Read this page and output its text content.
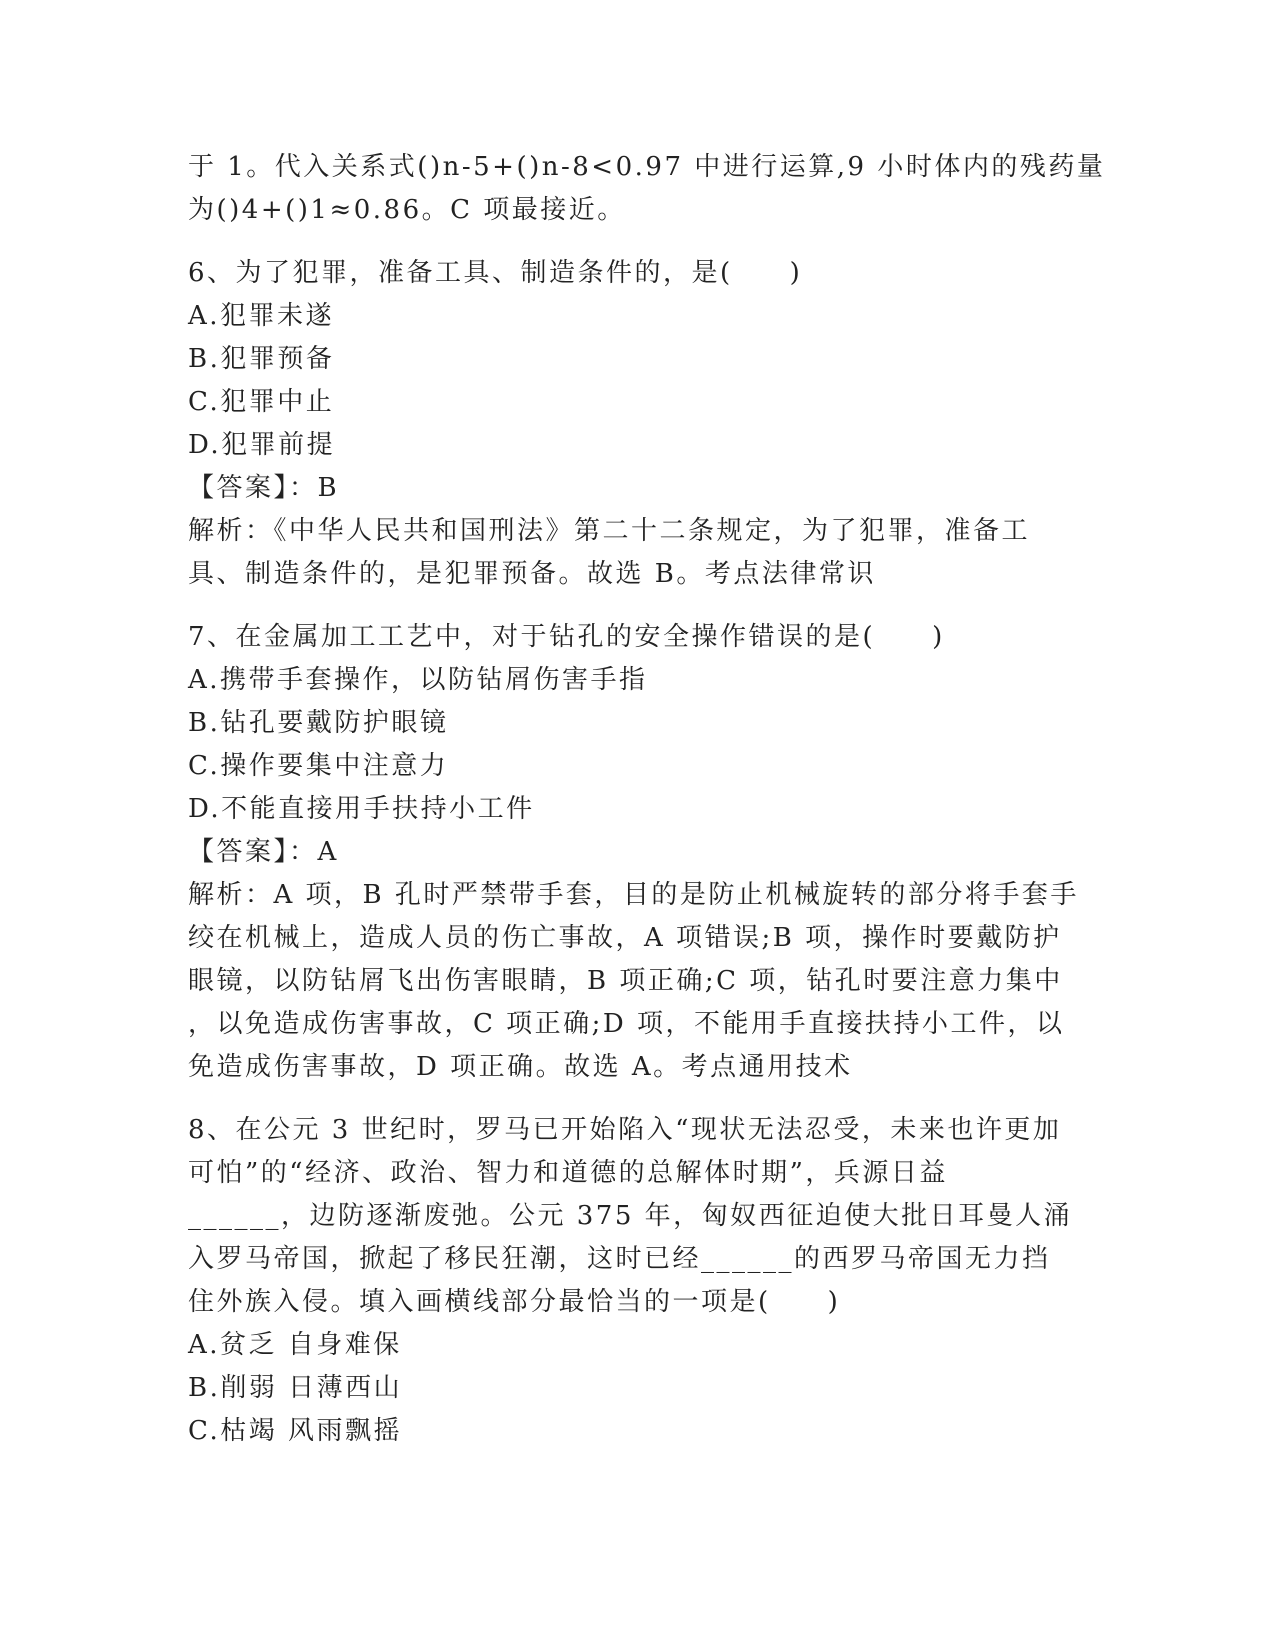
于 1。代入关系式()n-5+()n-8<0.97 中进行运算,9 小时体内的残药量
为()4+()1≈0.86。C 项最接近。
6、为了犯罪，准备工具、制造条件的，是(　　)
A.犯罪未遂
B.犯罪预备
C.犯罪中止
D.犯罪前提
【答案】：B
解析：《中华人民共和国刑法》第二十二条规定，为了犯罪，准备工
具、制造条件的，是犯罪预备。故选 B。考点法律常识
7、在金属加工工艺中，对于钻孔的安全操作错误的是(　　)
A.携带手套操作，以防钻屑伤害手指
B.钻孔要戴防护眼镜
C.操作要集中注意力
D.不能直接用手扶持小工件
【答案】：A
解析：A 项，B 孔时严禁带手套，目的是防止机械旋转的部分将手套手
绞在机械上，造成人员的伤亡事故，A 项错误;B 项，操作时要戴防护
眼镜，以防钻屑飞出伤害眼睛，B 项正确;C 项，钻孔时要注意力集中
，以免造成伤害事故，C 项正确;D 项，不能用手直接扶持小工件，以
免造成伤害事故，D 项正确。故选 A。考点通用技术
8、在公元 3 世纪时，罗马已开始陷入“现状无法忍受，未来也许更加
可怕”的“经济、政治、智力和道德的总解体时期”，兵源日益
______，边防逐渐废弛。公元 375 年，匈奴西征迫使大批日耳曼人涌
入罗马帝国，掀起了移民狂潮，这时已经______的西罗马帝国无力挡
住外族入侵。填入画横线部分最恰当的一项是(　　)
A.贫乏 自身难保
B.削弱 日薄西山
C.枯竭 风雨飘摇
